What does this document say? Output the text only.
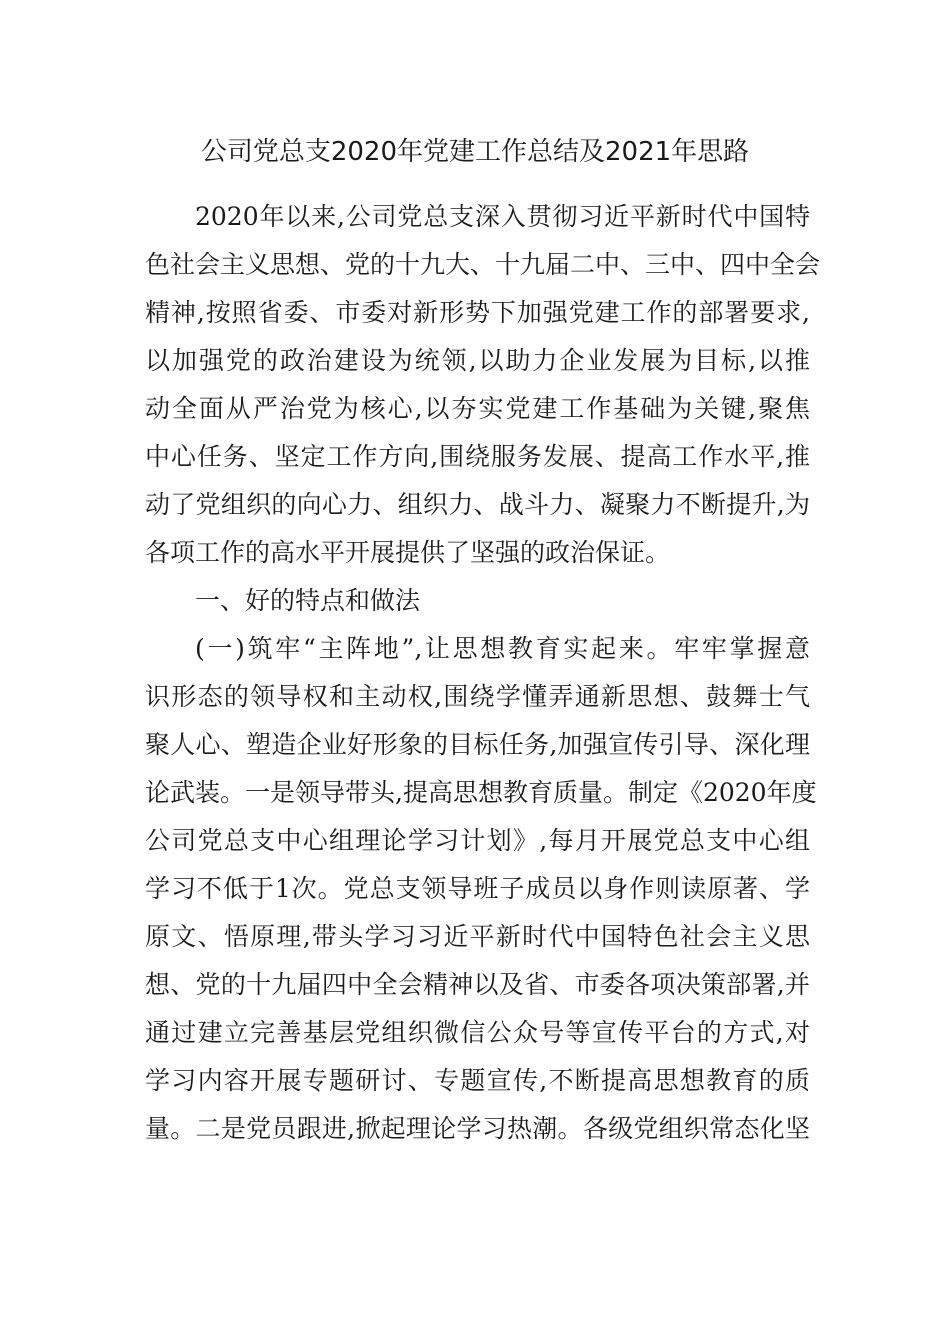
公司党总支2020年党建工作总结及2021年思路
2020年以来,公司党总支深入贯彻习近平新时代中国特
色社会主义思想、党的十九大、十九届二中、三中、四中全会
精神,按照省委、市委对新形势下加强党建工作的部署要求,
以加强党的政治建设为统领,以助力企业发展为目标,以推
动全面从严治党为核心,以夯实党建工作基础为关键,聚焦
中心任务、坚定工作方向,围绕服务发展、提高工作水平,推
动了党组织的向心力、组织力、战斗力、凝聚力不断提升,为
各项工作的高水平开展提供了坚强的政治保证。
一、好的特点和做法
(一)筑牢“主阵地”,让思想教育实起来。牢牢掌握意
识形态的领导权和主动权,围绕学懂弄通新思想、鼓舞士气
聚人心、塑造企业好形象的目标任务,加强宣传引导、深化理
论武装。一是领导带头,提高思想教育质量。制定《2020年度
公司党总支中心组理论学习计划》,每月开展党总支中心组
学习不低于1次。党总支领导班子成员以身作则读原著、学
原文、悟原理,带头学习习近平新时代中国特色社会主义思
想、党的十九届四中全会精神以及省、市委各项决策部署,并
通过建立完善基层党组织微信公众号等宣传平台的方式,对
学习内容开展专题研讨、专题宣传,不断提高思想教育的质
量。二是党员跟进,掀起理论学习热潮。各级党组织常态化坚
